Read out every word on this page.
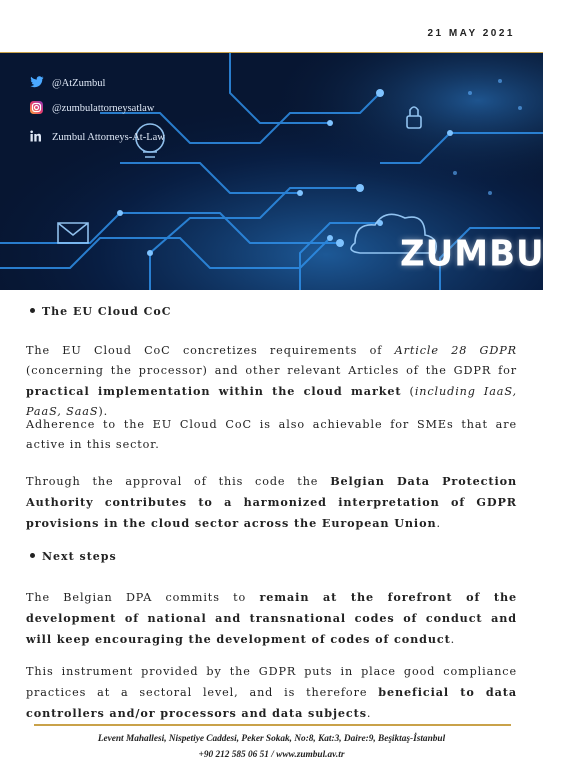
21 MAY 2021
@AtZumbul
@zumbulattorneysatlaw
Zumbul Attorneys-At-Law
ZUMBUL
The EU Cloud CoC
The EU Cloud CoC concretizes requirements of Article 28 GDPR (concerning the processor) and other relevant Articles of the GDPR for practical implementation within the cloud market (including IaaS, PaaS, SaaS).
Adherence to the EU Cloud CoC is also achievable for SMEs that are active in this sector.
Through the approval of this code the Belgian Data Protection Authority contributes to a harmonized interpretation of GDPR provisions in the cloud sector across the European Union.
Next steps
The Belgian DPA commits to remain at the forefront of the development of national and transnational codes of conduct and will keep encouraging the development of codes of conduct.
This instrument provided by the GDPR puts in place good compliance practices at a sectoral level, and is therefore beneficial to data controllers and/or processors and data subjects.
Levent Mahallesi, Nispetiye Caddesi, Peker Sokak, No:8, Kat:3, Daire:9, Beşiktaş-İstanbul
+90 212 585 06 51 / www.zumbul.av.tr
